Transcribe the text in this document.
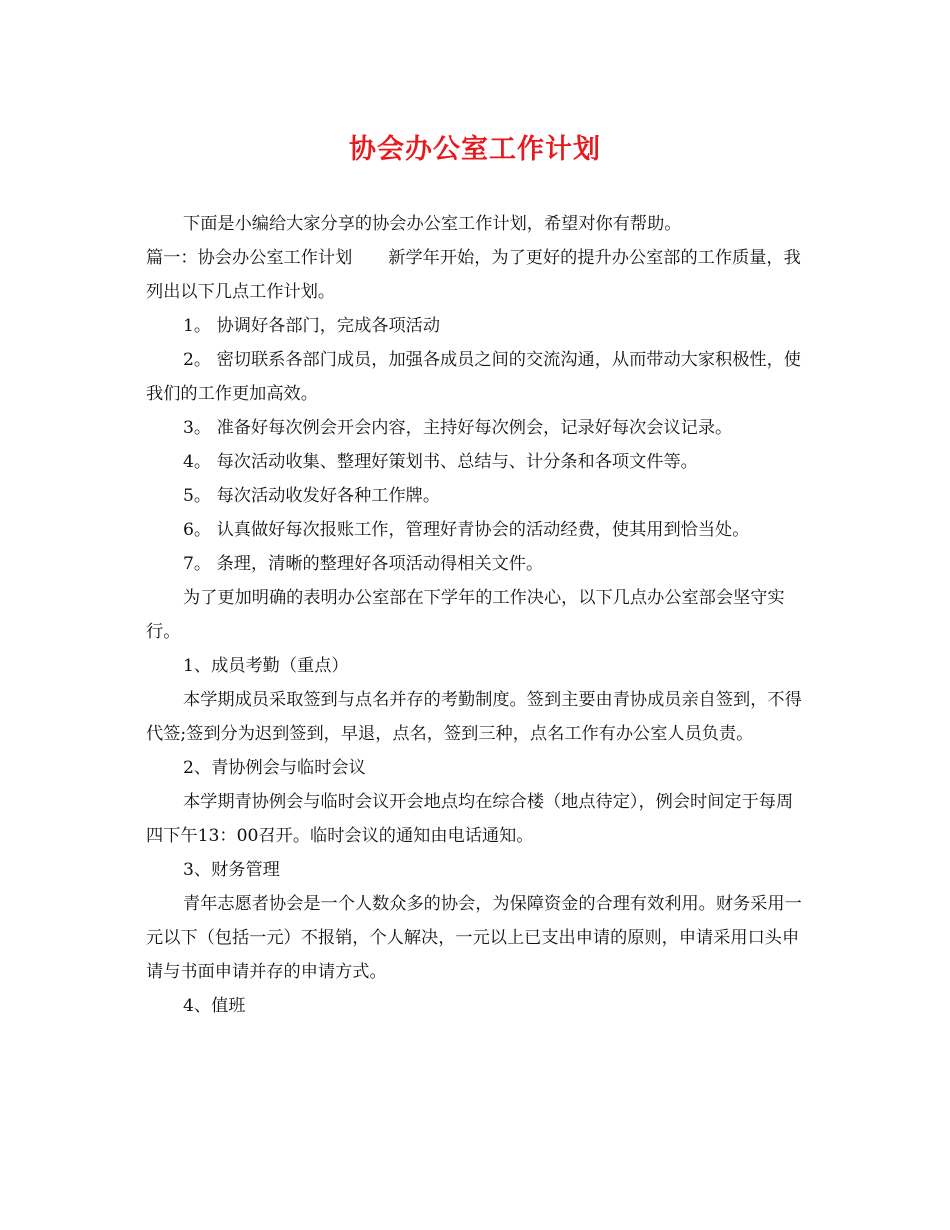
协会办公室工作计划

下面是小编给大家分享的协会办公室工作计划，希望对你有帮助。

篇一：协会办公室工作计划 新学年开始，为了更好的提升办公室部的工作质量，我列出以下几点工作计划。

1。 协调好各部门，完成各项活动

2。 密切联系各部门成员，加强各成员之间的交流沟通，从而带动大家积极性，使我们的工作更加高效。

3。 准备好每次例会开会内容，主持好每次例会，记录好每次会议记录。

4。 每次活动收集、整理好策划书、总结与、计分条和各项文件等。

5。 每次活动收发好各种工作牌。

6。 认真做好每次报账工作，管理好青协会的活动经费，使其用到恰当处。

7。 条理，清晰的整理好各项活动得相关文件。

为了更加明确的表明办公室部在下学年的工作决心，以下几点办公室部会坚守实行。

1、成员考勤（重点）

本学期成员采取签到与点名并存的考勤制度。签到主要由青协成员亲自签到，不得代签;签到分为迟到签到，早退，点名，签到三种，点名工作有办公室人员负责。

2、青协例会与临时会议

本学期青协例会与临时会议开会地点均在综合楼（地点待定），例会时间定于每周四下午13：00召开。临时会议的通知由电话通知。

3、财务管理

青年志愿者协会是一个人数众多的协会，为保障资金的合理有效利用。财务采用一元以下（包括一元）不报销，个人解决，一元以上已支出申请的原则，申请采用口头申请与书面申请并存的申请方式。

4、值班
